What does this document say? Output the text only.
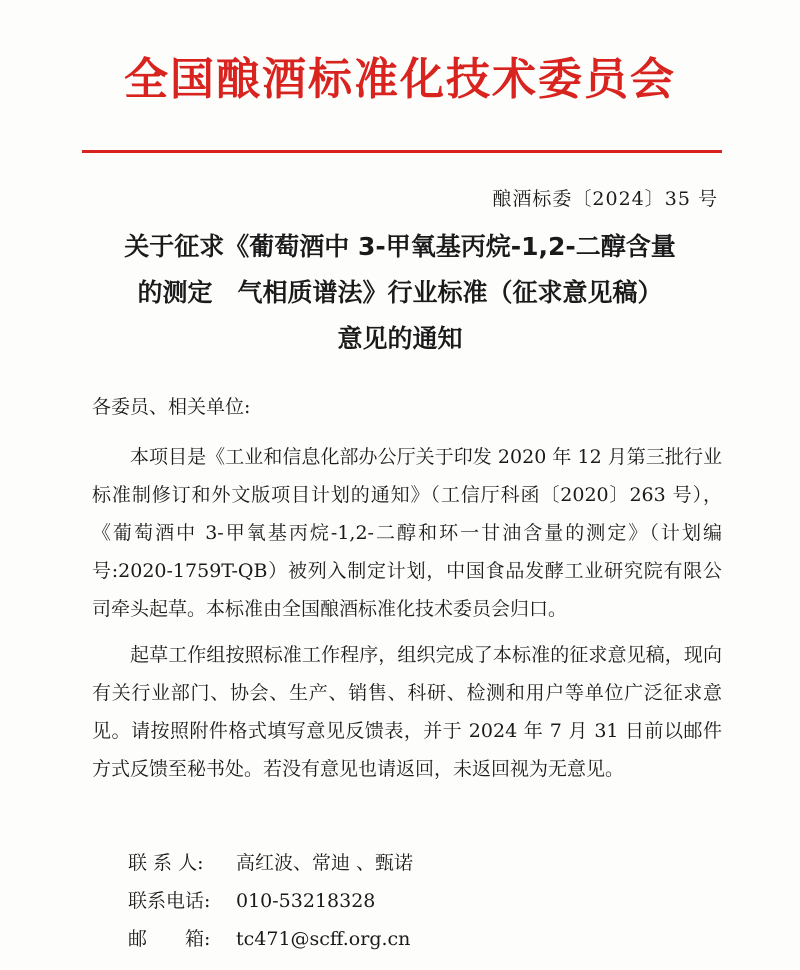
全国酿酒标准化技术委员会
酿酒标委〔2024〕35 号
关于征求《葡萄酒中 3-甲氧基丙烷-1,2-二醇含量
的测定　气相质谱法》行业标准（征求意见稿）
意见的通知
各委员、相关单位:
本项目是《工业和信息化部办公厅关于印发 2020 年 12 月第三批行业标准制修订和外文版项目计划的通知》（工信厅科函〔2020〕263 号），《葡萄酒中 3-甲氧基丙烷-1,2-二醇和环一甘油含量的测定》（计划编号:2020-1759T-QB）被列入制定计划，中国食品发酵工业研究院有限公司牵头起草。本标准由全国酿酒标准化技术委员会归口。
起草工作组按照标准工作程序，组织完成了本标准的征求意见稿，现向有关行业部门、协会、生产、销售、科研、检测和用户等单位广泛征求意见。请按照附件格式填写意见反馈表，并于 2024 年 7 月 31 日前以邮件方式反馈至秘书处。若没有意见也请返回，未返回视为无意见。
联 系 人: 高红波、常迪 、甄诺
联系电话: 010-53218328
邮　　箱: tc471@scff.org.cn
